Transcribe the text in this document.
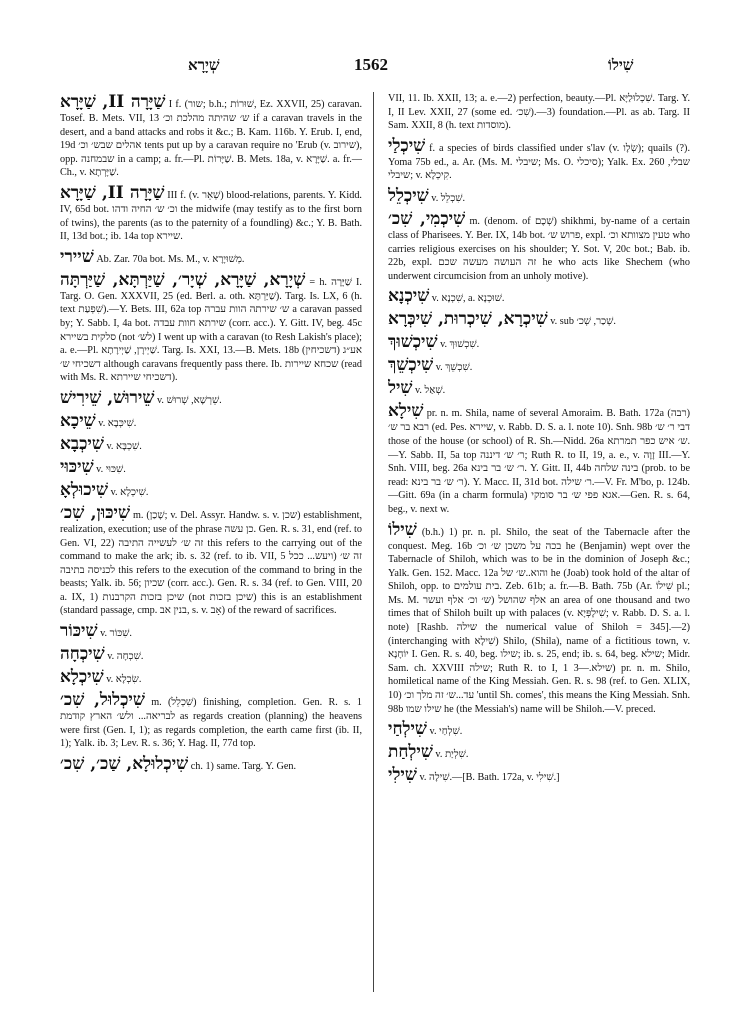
שְׁיָרָא	1562	שִׁילוֹ

שַׁיָּרָה II, שַׁיָּרָא I f. (שור; b.h.; שׁוּרוֹת, Ez. XXVII, 25) caravan. Tosef. B. Mets. VII, 13 ש׳ שהיתה מהלכת וכ׳ if a caravan travels in the desert, and a band attacks and robs it &c.; B. Kam. 116b. Y. Erub. I, end, 19d אהלים שבש׳ וכ׳ tents put up by a caravan require no 'Erub (v. שירוב), opp. שבמחנה in a camp; a. fr.—Pl. שַׁיָּרוֹת. B. Mets. 18a, v. שַׁיָּרָא. a. fr.—Ch., v. שַׁיָּרְתָא.

שַׁיָּרָה II, שַׁיָּרָא III f. (v. שְׁאֵר) blood-relations, parents. Y. Kidd. IV, 65d bot. וכ׳ ש׳ החיה ודהו the midwife (may testify as to the first born of twins), the parents (as to the paternity of a foundling) &c.; Y. B. Bath. II, 13d bot.; ib. 14a top שיירא.

שׁיירי Ab. Zar. 70a bot. Ms. M., v. מְשׁוּיָרָא.

שְׁיָרָא, שַׁיָּרָא, שְׁיָר׳, שַׁיַּרְתָּא, שַׁיַּרְתָּה = h. שַׁיָּרָה I. Targ. O. Gen. XXXVII, 25 (ed. Berl. a. oth. שַׁיַּרְתָּא). Targ. Is. LX, 6 (h. text שִׁפְעַת).—Y. Bets. III, 62a top ש׳ שירתה הוות עברה a caravan passed by; Y. Sabb. I, 4a bot. שירתא חוות עבדה (corr. acc.). Y. Gitt. IV, beg. 45c סלקית בשיירא (not לש׳) I went up with a caravan (to Resh Lakish's place); a. e.—Pl. שַׁיְירָן, שַׁיְירָתָא. Targ. Is. XXI, 13.—B. Mets. 18b (דשכיחין) אע״ג דשכיחי ש׳ although caravans frequently pass there. Ib. שכחא שיירות (read with Ms. R. דשכיחי שיירתא).

שֵׁירוּשׁ, שֵׁירִישׁ v. שֵׁרְשָׁא, שְׁרוּשׁ.

שֵׁיכָא v. שִׁיכְּבָא.

שִׁיכְבָא v. שִׁכְבָּא.

שִׁיכּוּי v. שִׁכּוּי.

שִׁיכוּלְאָ v. שִׁיכְלָא.

שִׁיכּוּן, שִׁכ׳ m. (שָׁכַן; v. Del. Assyr. Handw. s. v. שכן) establishment, realization, execution; use of the phrase כן עשה. Gen. R. s. 31, end (ref. to Gen. VI, 22) זה ש׳ לעשייה התיבה this refers to the carrying out of the command to make the ark; ib. s. 32 (ref. to ib. VII, 5 ויעש... ככל) זה ש׳ לכניסה בתיבה this refers to the execution of the command to bring in the beasts; Yalk. ib. 56; שכיון (corr. acc.). Gen. R. s. 34 (ref. to Gen. VIII, 20 a. IX, 1) שיכן בזכות הקרבנות (not שיכן בזכות) this is an establishment (standard passage, cmp. בנין אב, s. v. אָב) of the reward of sacrifices.

שִׁיכּוֹר v. שִׁכּוֹר.

שִׁיכְחָה v. שִׁכְחָה.

שִׁיכְלָא v. שִׂכְלָא.

שִׁיכְלוּל, שִׁכ׳ m. (שִׁכְלֵל) finishing, completion. Gen. R. s. 1 לבריאה... ולש׳ הארץ קודמת as regards creation (planning) the heavens were first (Gen. I, 1); as regards completion, the earth came first (ib. II, 1); Yalk. ib. 3; Lev. R. s. 36; Y. Hag. II, 77d top.

שִׁיכְלוּלָא, שַׁכ׳, שִׁכ׳ ch. 1) same. Targ. Y. Gen.

VII, 11. Ib. XXII, 13; a. e.—2) perfection, beauty.—Pl. שִׁכְלוּלַיָּא. Targ. Y. I, II Lev. XXII, 27 (some ed. שִׁכ׳).—3) foundation.—Pl. as ab. Targ. II Sam. XXII, 8 (h. text מוסדות).

שִׁיכְלַי f. a species of birds classified under s'lav (v. שְׂלָו); quails (?). Yoma 75b ed., a. Ar. (Ms. M. שיבלי; Ms. O. סיכלי); Yalk. Ex. 260 שבלי, שיבלי; v. קִיכְלָא.

שִׁיכְלֵל v. שִׁכְלֵל.

שִׁיכְמִי, שִׁכ׳ m. (denom. of שְׁכֶם) shikhmi, by-name of a certain class of Pharisees. Y. Ber. IX, 14b bot. פרוש ש׳, expl. טעין מצוותא וכ׳ who carries religious exercises on his shoulder; Y. Sot. V, 20c bot.; Bab. ib. 22b, expl. זה העושה מעשה שכם he who acts like Shechem (who underwent circumcision from an unholy motive).

שִׁיכְנָא v. שִׁכְנָא, a. שׁוּכְנָא.

שִׁיכְרָא, שִׁיכְרוּת, שִׁיכְּרָא v. sub שְׁכַר, שְׁכ׳.

שִׁיכְשׁוּךְ v. שִׁכְשׁוּךְ.

שִׁיכְשֵׁךְ v. שִׁכְשֵׁךְ.

שִׁיל v. שְׁאַל.

שִׁילָא pr. n. m. Shila, name of several Amoraim. B. Bath. 172a (רבה) רבא בר ש׳ (ed. Pes. שיירא, v. Rabb. D. S. a. l. note 10). Snh. 98b דבי ר׳ ש׳ those of the house (or school) of R. Sh.—Nidd. 26a ש׳ איש כפר תמרתא.—Y. Sabb. II, 5a top ר׳ ש׳ דיננה; Ruth R. to II, 19, a. e., v. זָוָה III.—Y. Snh. VIII, beg. 26a ר׳ ש׳ בר בינא. Y. Gitt. II, 44b בינה שלחה (prob. to be read: ר׳ ש׳ בר בינא). Y. Macc. II, 31d bot. ר׳ שילה.—V. Fr. M'bo, p. 124b.—Gitt. 69a (in a charm formula) אגא פפי ש׳ בר סומקי.—Gen. R. s. 64, beg., v. next w.

שִׁילוֹ (b.h.) 1) pr. n. pl. Shilo, the seat of the Tabernacle after the conquest. Meg. 16b בכה על משכן ש׳ וכ׳ he (Benjamin) wept over the Tabernacle of Shiloh, which was to be in the dominion of Joseph &c.; Yalk. Gen. 152. Macc. 12a והוא..ש׳ של he (Joab) took hold of the altar of Shiloh, opp. to בית עולמים. Zeb. 61b; a. fr.—B. Bath. 75b (Ar. שִׁילוֹ pl.; Ms. M. ש׳ וכ׳ אלף ועשר) אלף שהושל an area of one thousand and two times that of Shiloh built up with palaces (v. שִׁילָפְּיָא; v. Rabb. D. S. a. l. note) [Rashb. שילה the numerical value of Shiloh = 345].—2) (interchanging with שִׁילָא) Shilo, (Shila), name of a fictitious town, v. יוֹחָנָא I. Gen. R. s. 40, beg. שילו; ib. s. 25, end; ib. s. 64, beg. שילא; Midr. Sam. ch. XXVIII שילה; Ruth R. to I, 1 שילא.—3) pr. n. m. Shilo, homiletical name of the King Messiah. Gen. R. s. 98 (ref. to Gen. XLIX, 10) עד...ש׳ זה מלך וכ׳ 'until Sh. comes', this means the King Messiah. Snh. 98b שילו שמו he (the Messiah's) name will be Shiloh.—V. preced.

שִׁילְחַי v. שִׁלְחַי.

שִׁילְחַת v. שִׁלְיַת.

שִׁילִי v. שִׁילָה.—[B. Bath. 172a, v. שִׁילִי.]
